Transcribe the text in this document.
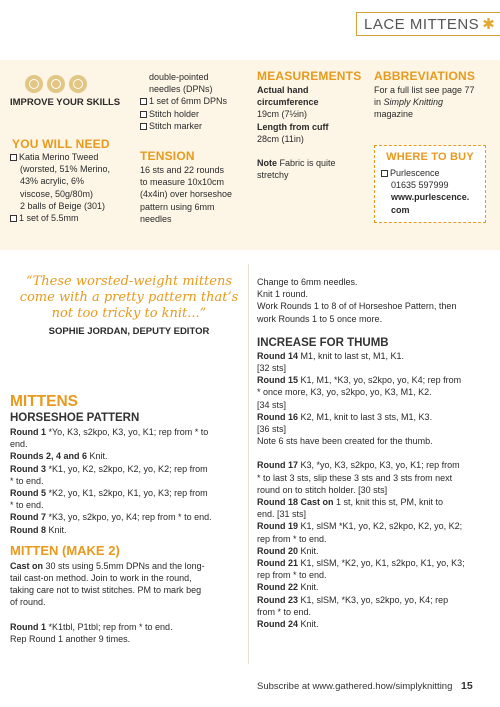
LACE MITTENS ✱
IMPROVE YOUR SKILLS
YOU WILL NEED
Katia Merino Tweed
(worsted, 51% Merino,
43% acrylic, 6%
viscose, 50g/80m)
2 balls of Beige (301)
1 set of 5.5mm
double-pointed
needles (DPNs)
1 set of 6mm DPNs
Stitch holder
Stitch marker
TENSION
16 sts and 22 rounds
to measure 10x10cm
(4x4in) over horseshoe
pattern using 6mm
needles
MEASUREMENTS
Actual hand
circumference
19cm (7½in)
Length from cuff
28cm (11in)
Note Fabric is quite
stretchy
ABBREVIATIONS
For a full list see page 77
in Simply Knitting
magazine
WHERE TO BUY
Purlescence
01635 597999
www.purlescence.
com
“These worsted-weight mittens
come with a pretty pattern that’s
not too tricky to knit...”
SOPHIE JORDAN, DEPUTY EDITOR
MITTENS
HORSESHOE PATTERN
Round 1 *Yo, K3, s2kpo, K3, yo, K1; rep from * to
end.
Rounds 2, 4 and 6 Knit.
Round 3 *K1, yo, K2, s2kpo, K2, yo, K2; rep from
* to end.
Round 5 *K2, yo, K1, s2kpo, K1, yo, K3; rep from
* to end.
Round 7 *K3, yo, s2kpo, yo, K4; rep from * to end.
Round 8 Knit.
MITTEN (MAKE 2)
Cast on 30 sts using 5.5mm DPNs and the long-
tail cast-on method. Join to work in the round,
taking care not to twist stitches. PM to mark beg
of round.
Round 1 *K1tbl, P1tbl; rep from * to end.
Rep Round 1 another 9 times.
Change to 6mm needles.
Knit 1 round.
Work Rounds 1 to 8 of of Horseshoe Pattern, then
work Rounds 1 to 5 once more.
INCREASE FOR THUMB
Round 14 M1, knit to last st, M1, K1.
[32 sts]
Round 15 K1, M1, *K3, yo, s2kpo, yo, K4; rep from
* once more, K3, yo, s2kpo, yo, K3, M1, K2.
[34 sts]
Round 16 K2, M1, knit to last 3 sts, M1, K3.
[36 sts]
Note 6 sts have been created for the thumb.
Round 17 K3, *yo, K3, s2kpo, K3, yo, K1; rep from
* to last 3 sts, slip these 3 sts and 3 sts from next
round on to stitch holder. [30 sts]
Round 18 Cast on 1 st, knit this st, PM, knit to
end. [31 sts]
Round 19 K1, slSM *K1, yo, K2, s2kpo, K2, yo, K2;
rep from * to end.
Round 20 Knit.
Round 21 K1, slSM, *K2, yo, K1, s2kpo, K1, yo, K3;
rep from * to end.
Round 22 Knit.
Round 23 K1, slSM, *K3, yo, s2kpo, yo, K4; rep
from * to end.
Round 24 Knit.
Subscribe at www.gathered.how/simplyknitting 15
